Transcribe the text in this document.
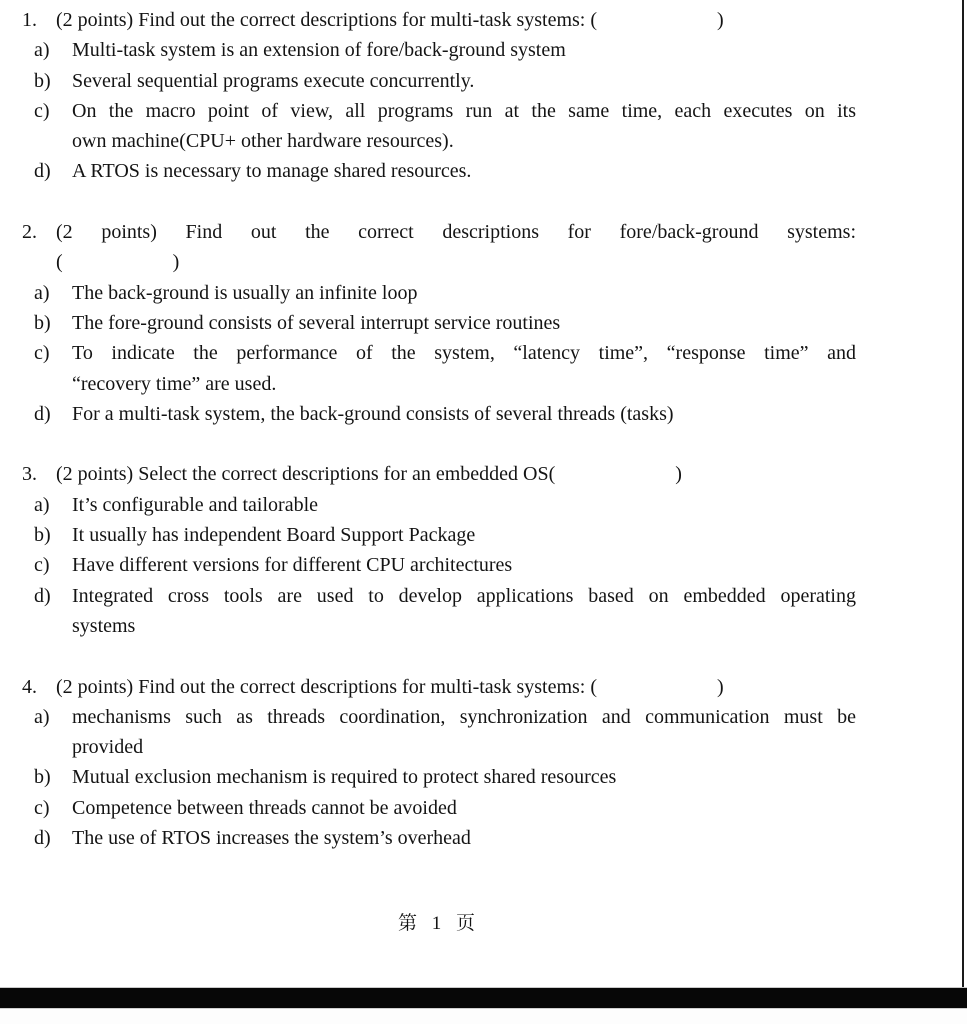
1. (2 points) Find out the correct descriptions for multi-task systems: (                        )
a)	Multi-task system is an extension of fore/back-ground system
b)	Several sequential programs execute concurrently.
c)	On the macro point of view, all programs run at the same time, each executes on its
own machine(CPU+ other hardware resources).
d)	A RTOS is necessary to manage shared resources.
2. (2 points) Find out the correct descriptions for fore/back-ground systems:
(                      )
a)	The back-ground is usually an infinite loop
b)	The fore-ground consists of several interrupt service routines
c)	To indicate the performance of the system, “latency time”, “response time” and
“recovery time” are used.
d)	For a multi-task system, the back-ground consists of several threads (tasks)
3. (2 points) Select the correct descriptions for an embedded OS(                        )
a)	It’s configurable and tailorable
b)	It usually has independent Board Support Package
c)	Have different versions for different CPU architectures
d)	Integrated cross tools are used to develop applications based on embedded operating
systems
4. (2 points) Find out the correct descriptions for multi-task systems: (                        )
a)	mechanisms such as threads coordination, synchronization and communication must be
provided
b)	Mutual exclusion mechanism is required to protect shared resources
c)	Competence between threads cannot be avoided
d)	The use of RTOS increases the system’s overhead
第 1 页
